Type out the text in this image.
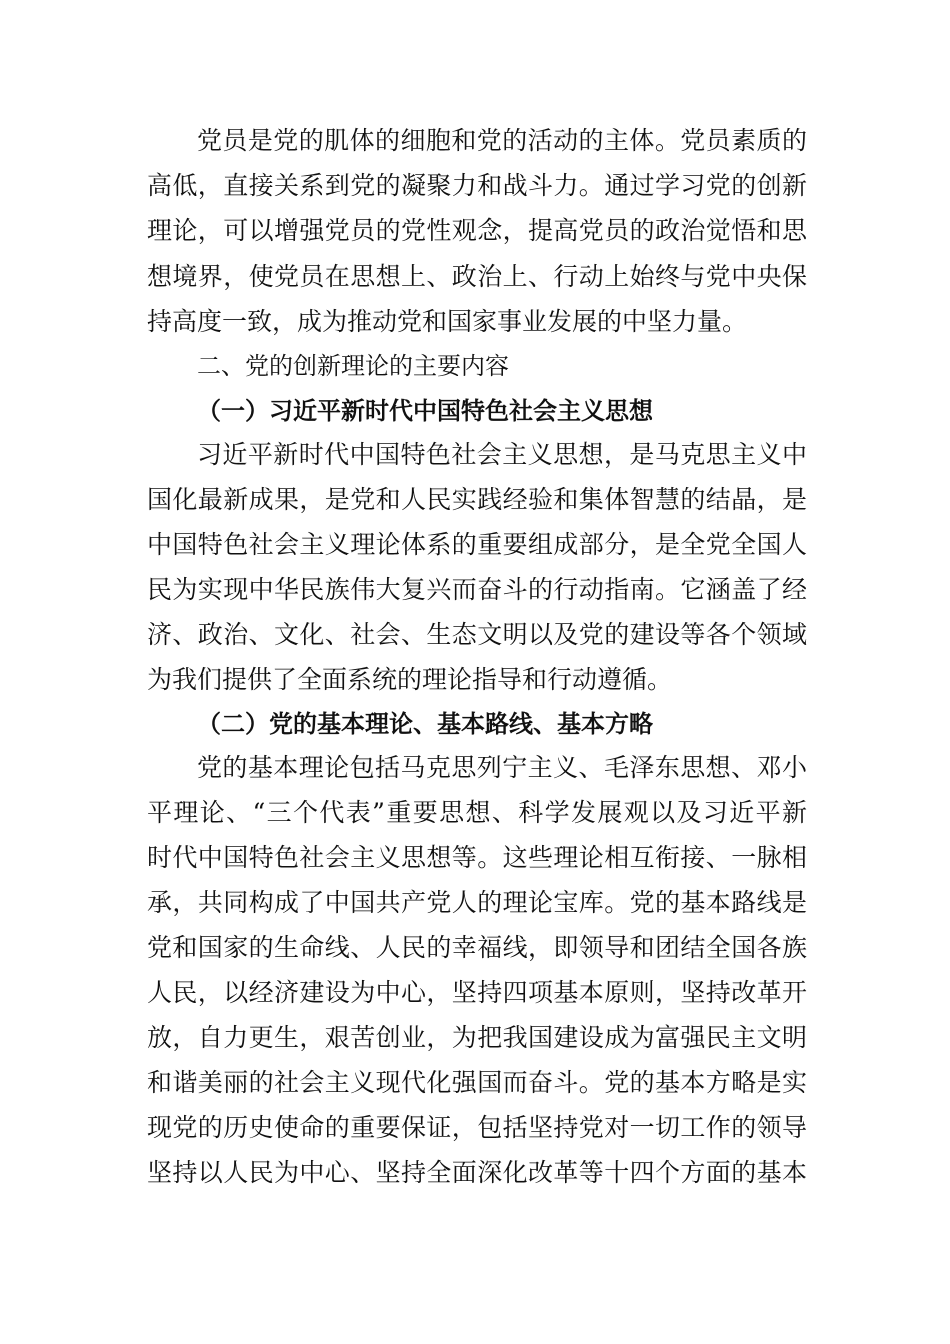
党员是党的肌体的细胞和党的活动的主体。党员素质的
高低，直接关系到党的凝聚力和战斗力。通过学习党的创新
理论，可以增强党员的党性观念，提高党员的政治觉悟和思
想境界，使党员在思想上、政治上、行动上始终与党中央保
持高度一致，成为推动党和国家事业发展的中坚力量。
二、党的创新理论的主要内容
（一）习近平新时代中国特色社会主义思想
习近平新时代中国特色社会主义思想，是马克思主义中
国化最新成果，是党和人民实践经验和集体智慧的结晶，是
中国特色社会主义理论体系的重要组成部分，是全党全国人
民为实现中华民族伟大复兴而奋斗的行动指南。它涵盖了经
济、政治、文化、社会、生态文明以及党的建设等各个领域
为我们提供了全面系统的理论指导和行动遵循。
（二）党的基本理论、基本路线、基本方略
党的基本理论包括马克思列宁主义、毛泽东思想、邓小
平理论、“三个代表”重要思想、科学发展观以及习近平新
时代中国特色社会主义思想等。这些理论相互衔接、一脉相
承，共同构成了中国共产党人的理论宝库。党的基本路线是
党和国家的生命线、人民的幸福线，即领导和团结全国各族
人民，以经济建设为中心，坚持四项基本原则，坚持改革开
放，自力更生，艰苦创业，为把我国建设成为富强民主文明
和谐美丽的社会主义现代化强国而奋斗。党的基本方略是实
现党的历史使命的重要保证，包括坚持党对一切工作的领导
坚持以人民为中心、坚持全面深化改革等十四个方面的基本
